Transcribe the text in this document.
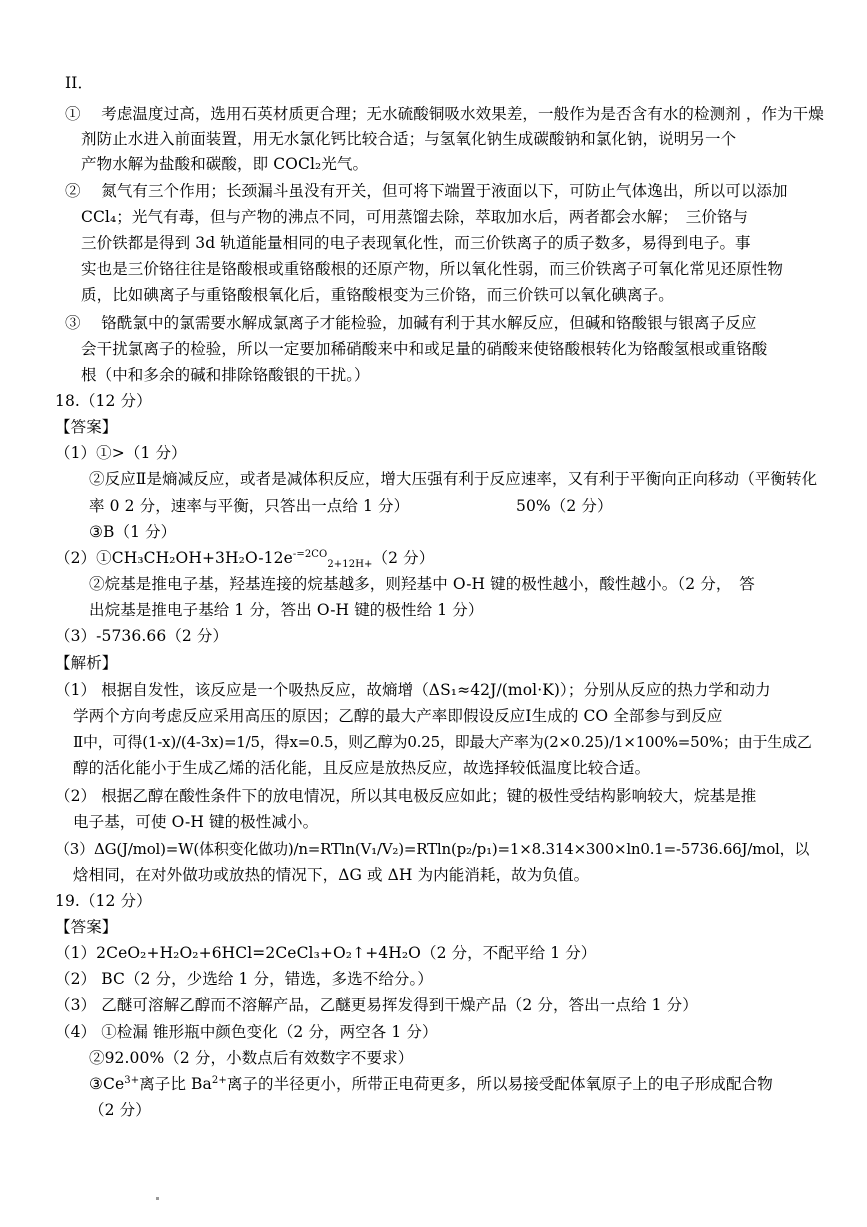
II．
①　 考虑温度过高，选用石英材质更合理；无水硫酸铜吸水效果差，一般作为是否含有水的检测剂 ，作为干燥
剂防止水进入前面装置，用无水氯化钙比较合适；与氢氧化钠生成碳酸钠和氯化钠，说明另一个
产物水解为盐酸和碳酸，即 COCl₂光气。
②　 氮气有三个作用；长颈漏斗虽没有开关，但可将下端置于液面以下，可防止气体逸出，所以可以添加
CCl₄；光气有毒，但与产物的沸点不同，可用蒸馏去除，萃取加水后，两者都会水解；　三价铬与
三价铁都是得到 3d 轨道能量相同的电子表现氧化性，而三价铁离子的质子数多，易得到电子。事
实也是三价铬往往是铬酸根或重铬酸根的还原产物，所以氧化性弱，而三价铁离子可氧化常见还原性物
质，比如碘离子与重铬酸根氧化后，重铬酸根变为三价铬，而三价铁可以氧化碘离子。
③　 铬酰氯中的氯需要水解成氯离子才能检验，加碱有利于其水解反应，但碱和铬酸银与银离子反应
会干扰氯离子的检验，所以一定要加稀硝酸来中和或足量的硝酸来使铬酸根转化为铬酸氢根或重铬酸
根（中和多余的碱和排除铬酸银的干扰。）
18.（12 分）
【答案】
（1）①>（1 分）
②反应Ⅱ是熵减反应，或者是减体积反应，增大压强有利于反应速率，又有利于平衡向正向移动（平衡转化
率 0 2 分，速率与平衡，只答出一点给 1 分）	50%（2 分）
③B（1 分）
$(2)①CH_3CH_2OH+3H_2O-12e^{-=2CO}_{2+12H+}(2$ 分）
②烷基是推电子基，羟基连接的烷基越多，则羟基中 O-H 键的极性越小，酸性越小。（2 分，　答
出烷基是推电子基给 1 分，答出 O-H 键的极性给 1 分）
（3）-5736.66（2 分）
【解析】
（1） 根据自发性，该反应是一个吸热反应，故熵增（ΔS₁≈42J/(mol·K)）；分别从反应的热力学和动力
学两个方向考虑反应采用高压的原因；乙醇的最大产率即假设反应Ⅰ生成的 CO 全部参与到反应
Ⅱ中，可得(1-x)/(4-3x)=1/5，得x=0.5，则乙醇为0.25，即最大产率为(2×0.25)/1×100%=50%；由于生成乙
醇的活化能小于生成乙烯的活化能，且反应是放热反应，故选择较低温度比较合适。
（2） 根据乙醇在酸性条件下的放电情况，所以其电极反应如此；键的极性受结构影响较大，烷基是推
电子基，可使 O-H 键的极性减小。
（3）ΔG(J/mol)=W(体积变化做功)/n=RTln(V₁/V₂)=RTln(p₂/p₁)=1×8.314×300×ln0.1=-5736.66J/mol，以
焓相同，在对外做功或放热的情况下，ΔG 或 ΔH 为内能消耗，故为负值。
19.（12 分）
【答案】
（1）2CeO₂+H₂O₂+6HCl=2CeCl₃+O₂↑+4H₂O（2 分，不配平给 1 分）
（2） BC（2 分，少选给 1 分，错选，多选不给分。）
（3） 乙醚可溶解乙醇而不溶解产品，乙醚更易挥发得到干燥产品（2 分，答出一点给 1 分）
（4） ①检漏 锥形瓶中颜色变化（2 分，两空各 1 分）
②92.00%（2 分，小数点后有效数字不要求）
$③Ce^{3+}$离子比 $Ba^{2+}$离子的半径更小，所带正电荷更多，所以易接受配体氧原子上的电子形成配合物
（2 分）
